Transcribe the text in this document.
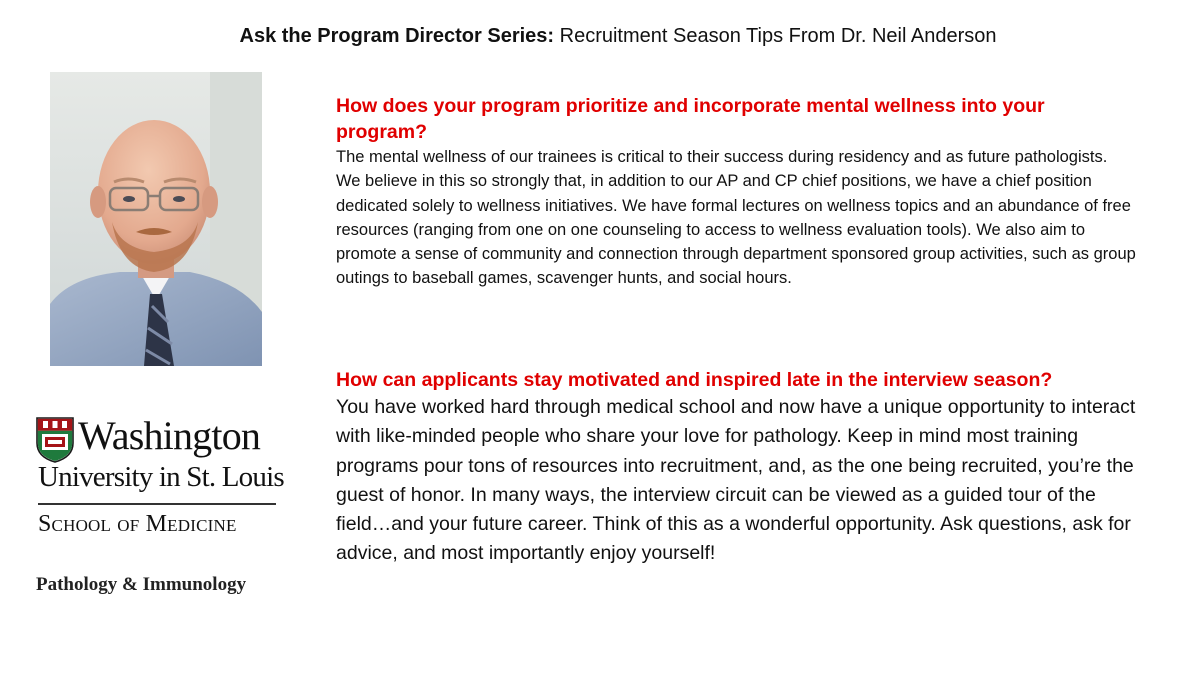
Ask the Program Director Series: Recruitment Season Tips From Dr. Neil Anderson
Washington
University in St. Louis
School of Medicine
Pathology & Immunology
How does your program prioritize and incorporate mental wellness into your program?
The mental wellness of our trainees is critical to their success during residency and as future pathologists. We believe in this so strongly that, in addition to our AP and CP chief positions, we have a chief position dedicated solely to wellness initiatives. We have formal lectures on wellness topics and an abundance of free resources (ranging from one on one counseling to access to wellness evaluation tools). We also aim to promote a sense of community and connection through department sponsored group activities, such as group outings to baseball games, scavenger hunts, and social hours.
How can applicants stay motivated and inspired late in the interview season?
You have worked hard through medical school and now have a unique opportunity to interact with like-minded people who share your love for pathology. Keep in mind most training programs pour tons of resources into recruitment, and, as the one being recruited, you’re the guest of honor. In many ways, the interview circuit can be viewed as a guided tour of the field…and your future career. Think of this as a wonderful opportunity. Ask questions, ask for advice, and most importantly enjoy yourself!
